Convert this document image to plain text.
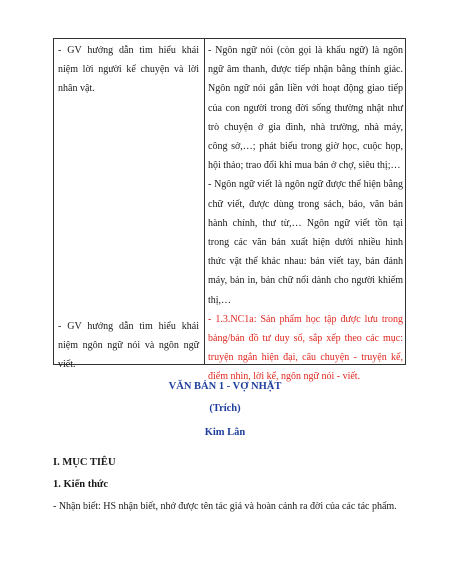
- GV hướng dẫn tìm hiểu khái niệm lời người kể chuyện và lời nhân vật.

- GV hướng dẫn tìm hiểu khái niệm ngôn ngữ nói và ngôn ngữ viết.

- Ngôn ngữ nói (còn gọi là khẩu ngữ) là ngôn ngữ âm thanh, được tiếp nhận bằng thính giác. Ngôn ngữ nói gắn liền với hoạt động giao tiếp của con người trong đời sống thường nhật như trò chuyện ở gia đình, nhà trường, nhà máy, công sở,…; phát biểu trong giờ học, cuộc họp, hội thảo; trao đổi khi mua bán ở chợ, siêu thị;…

- Ngôn ngữ viết là ngôn ngữ được thể hiện bằng chữ viết, được dùng trong sách, báo, văn bản hành chính, thư từ,… Ngôn ngữ viết tồn tại trong các văn bản xuất hiện dưới nhiều hình thức vật thể khác nhau: bản viết tay, bản đánh máy, bản in, bản chữ nổi dành cho người khiếm thị,…

- 1.3.NC1a: Sản phẩm học tập được lưu trong bảng/bản đồ tư duy số, sắp xếp theo các mục: truyện ngắn hiện đại, câu chuyện - truyện kể, điểm nhìn, lời kể, ngôn ngữ nói - viết.

VĂN BẢN 1 - VỢ NHẶT

(Trích)

Kim Lân

I. MỤC TIÊU

1. Kiến thức

- Nhận biết: HS nhận biết, nhớ được tên tác giả và hoàn cảnh ra đời của các tác phẩm.
